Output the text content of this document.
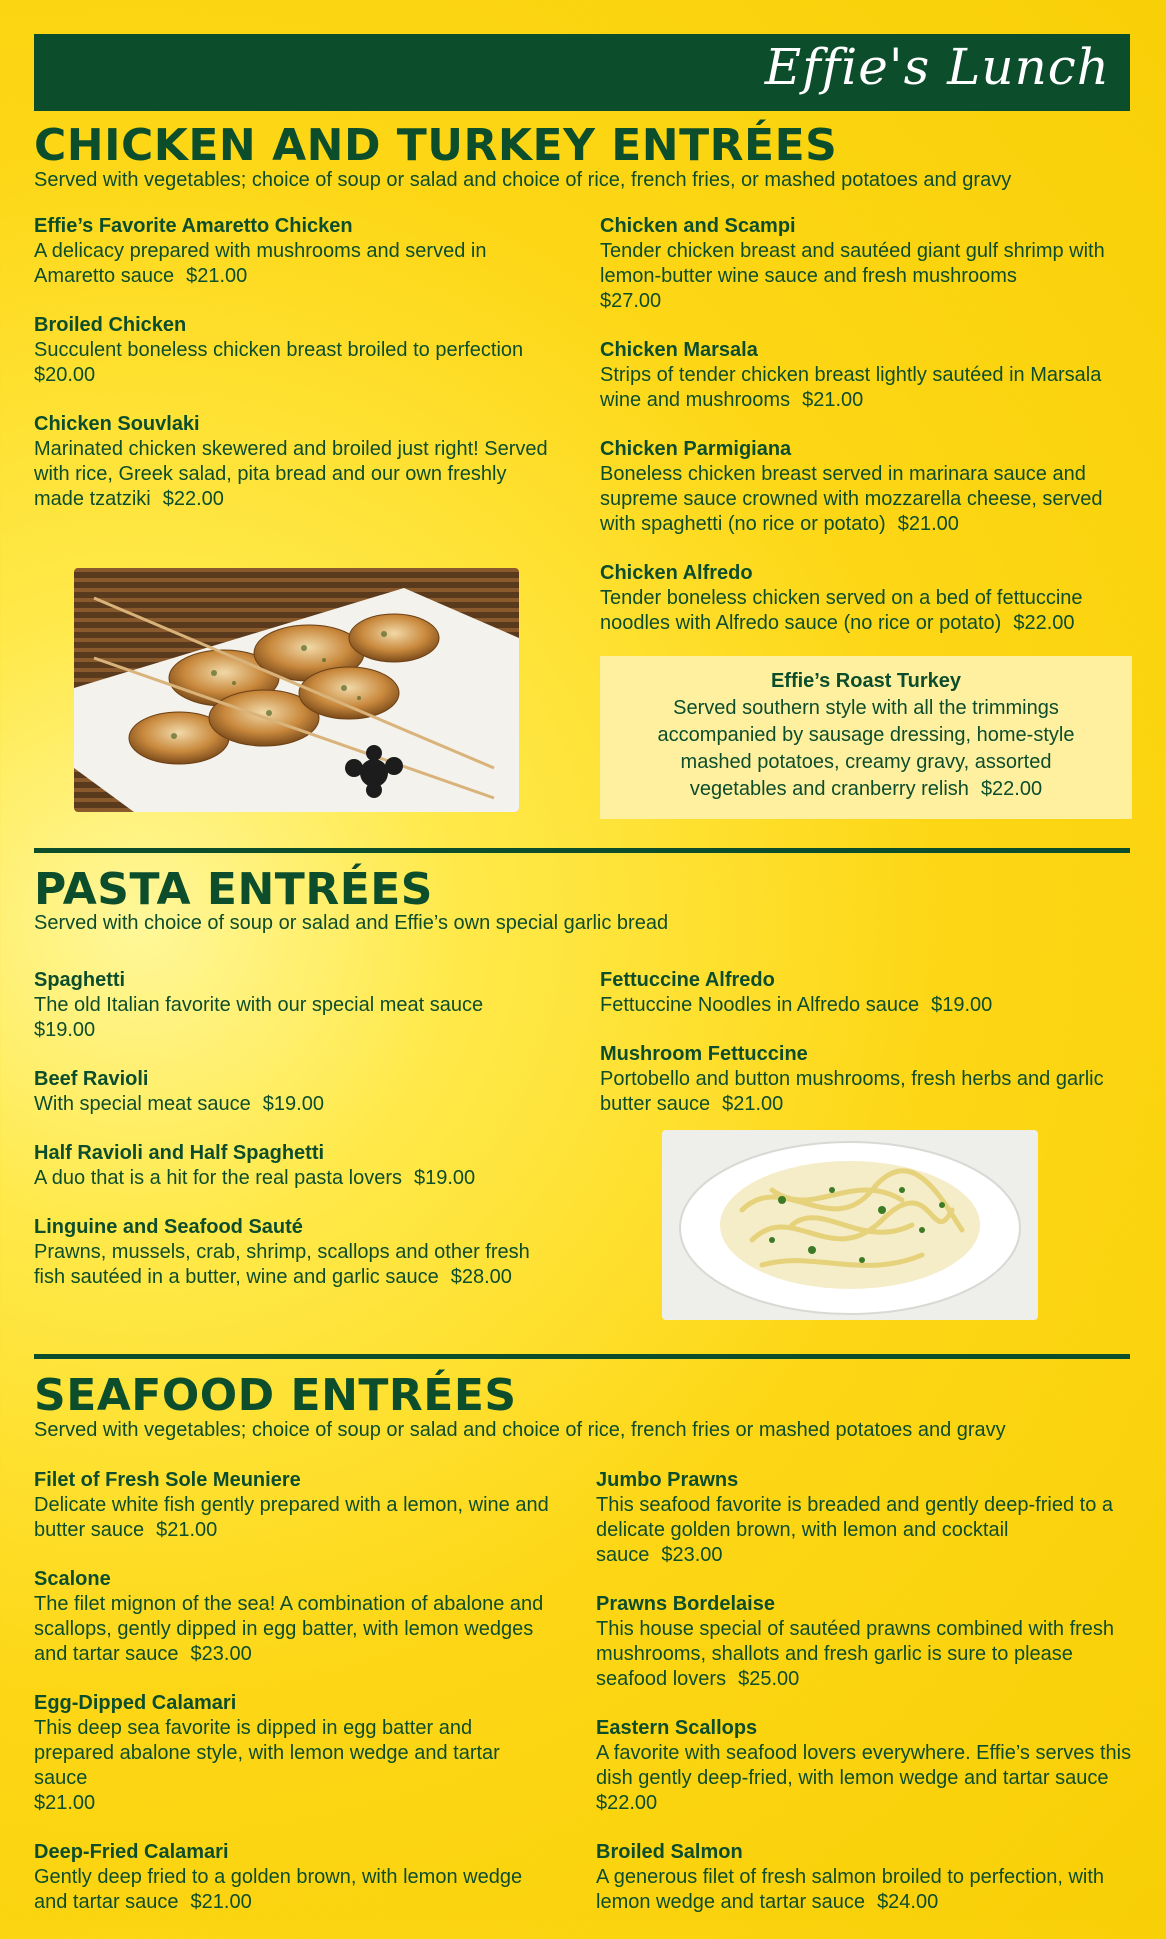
Effie's Lunch
CHICKEN AND TURKEY ENTRÉES

Served with vegetables; choice of soup or salad and choice of rice, french fries, or mashed potatoes and gravy

Effie’s Favorite Amaretto Chicken
A delicacy prepared with mushrooms and served in Amaretto sauce $21.00
Broiled Chicken
Succulent boneless chicken breast broiled to perfection
$20.00
Chicken Souvlaki
Marinated chicken skewered and broiled just right! Served with rice, Greek salad, pita bread and our own freshly made tzatziki $22.00
Chicken and Scampi
Tender chicken breast and sautéed giant gulf shrimp with lemon-butter wine sauce and fresh mushrooms
$27.00
Chicken Marsala
Strips of tender chicken breast lightly sautéed in Marsala wine and mushrooms $21.00
Chicken Parmigiana
Boneless chicken breast served in marinara sauce and supreme sauce crowned with mozzarella cheese, served with spaghetti (no rice or potato) $21.00
Chicken Alfredo
Tender boneless chicken served on a bed of fettuccine noodles with Alfredo sauce (no rice or potato) $22.00
Effie’s Roast Turkey
Served southern style with all the trimmings accompanied by sausage dressing, home-style mashed potatoes, creamy gravy, assorted vegetables and cranberry relish $22.00
PASTA ENTRÉES

Served with choice of soup or salad and Effie’s own special garlic bread

Spaghetti
The old Italian favorite with our special meat sauce
$19.00
Beef Ravioli
With special meat sauce $19.00
Half Ravioli and Half Spaghetti
A duo that is a hit for the real pasta lovers $19.00
Linguine and Seafood Sauté
Prawns, mussels, crab, shrimp, scallops and other fresh fish sautéed in a butter, wine and garlic sauce $28.00
Fettuccine Alfredo
Fettuccine Noodles in Alfredo sauce $19.00
Mushroom Fettuccine
Portobello and button mushrooms, fresh herbs and garlic butter sauce $21.00
SEAFOOD ENTRÉES

Served with vegetables; choice of soup or salad and choice of rice, french fries or mashed potatoes and gravy

Filet of Fresh Sole Meuniere
Delicate white fish gently prepared with a lemon, wine and butter sauce $21.00
Scalone
The filet mignon of the sea! A combination of abalone and scallops, gently dipped in egg batter, with lemon wedges and tartar sauce $23.00
Egg-Dipped Calamari
This deep sea favorite is dipped in egg batter and prepared abalone style, with lemon wedge and tartar sauce
$21.00
Deep-Fried Calamari
Gently deep fried to a golden brown, with lemon wedge and tartar sauce $21.00
Jumbo Prawns
This seafood favorite is breaded and gently deep-fried to a delicate golden brown, with lemon and cocktail sauce $23.00
Prawns Bordelaise
This house special of sautéed prawns combined with fresh mushrooms, shallots and fresh garlic is sure to please seafood lovers $25.00
Eastern Scallops
A favorite with seafood lovers everywhere. Effie’s serves this dish gently deep-fried, with lemon wedge and tartar sauce
$22.00
Broiled Salmon
A generous filet of fresh salmon broiled to perfection, with lemon wedge and tartar sauce $24.00
